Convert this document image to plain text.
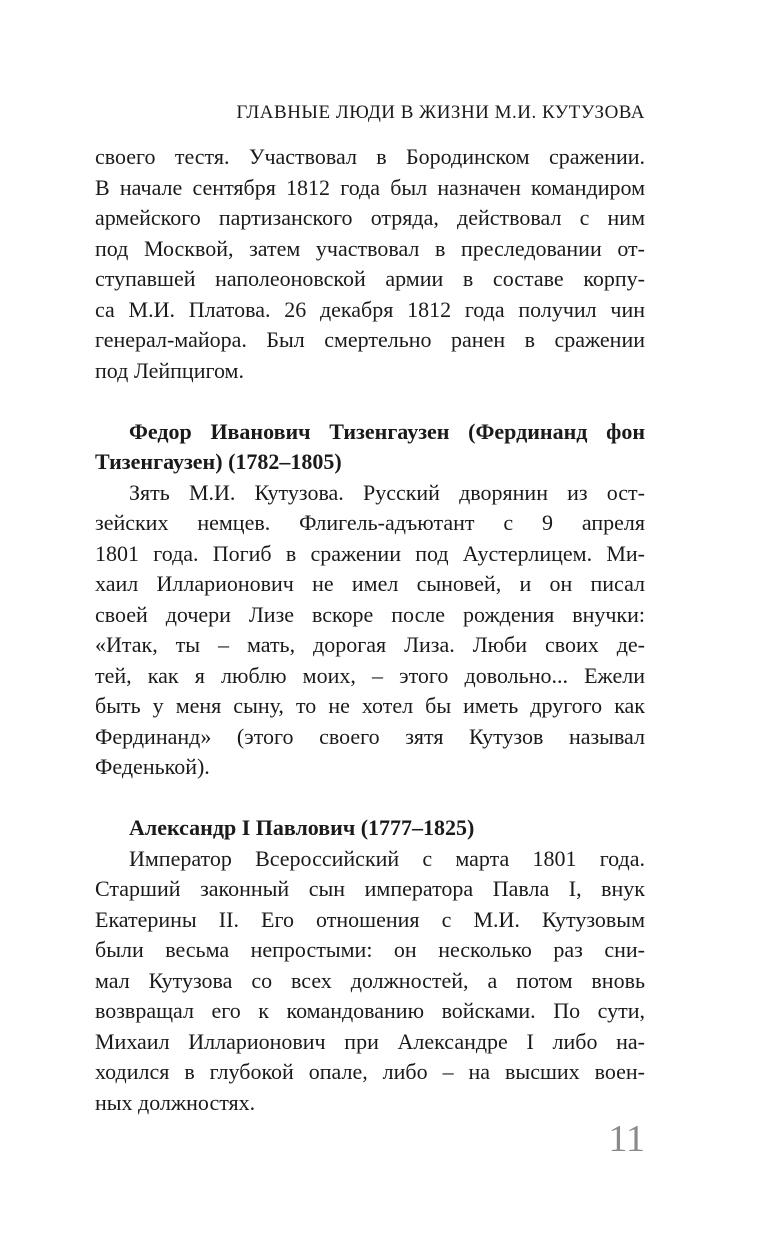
ГЛАВНЫЕ ЛЮДИ В ЖИЗНИ М.И. КУТУЗОВА
своего тестя. Участвовал в Бородинском сражении.
В начале сентября 1812 года был назначен командиром
армейского партизанского отряда, действовал с ним
под Москвой, затем участвовал в преследовании от-
ступавшей наполеоновской армии в составе корпу-
са М.И. Платова. 26 декабря 1812 года получил чин
генерал-майора. Был смертельно ранен в сражении
под Лейпцигом.
Федор Иванович Тизенгаузен (Фердинанд фон
Тизенгаузен) (1782–1805)
Зять М.И. Кутузова. Русский дворянин из ост-
зейских немцев. Флигель-адъютант с 9 апреля
1801 года. Погиб в сражении под Аустерлицем. Ми-
хаил Илларионович не имел сыновей, и он писал
своей дочери Лизе вскоре после рождения внучки:
«Итак, ты – мать, дорогая Лиза. Люби своих де-
тей, как я люблю моих, – этого довольно... Ежели
быть у меня сыну, то не хотел бы иметь другого как
Фердинанд» (этого своего зятя Кутузов называл
Феденькой).
Александр I Павлович (1777–1825)
Император Всероссийский с марта 1801 года.
Старший законный сын императора Павла I, внук
Екатерины II. Его отношения с М.И. Кутузовым
были весьма непростыми: он несколько раз сни-
мал Кутузова со всех должностей, а потом вновь
возвращал его к командованию войсками. По сути,
Михаил Илларионович при Александре I либо на-
ходился в глубокой опале, либо – на высших воен-
ных должностях.
11
